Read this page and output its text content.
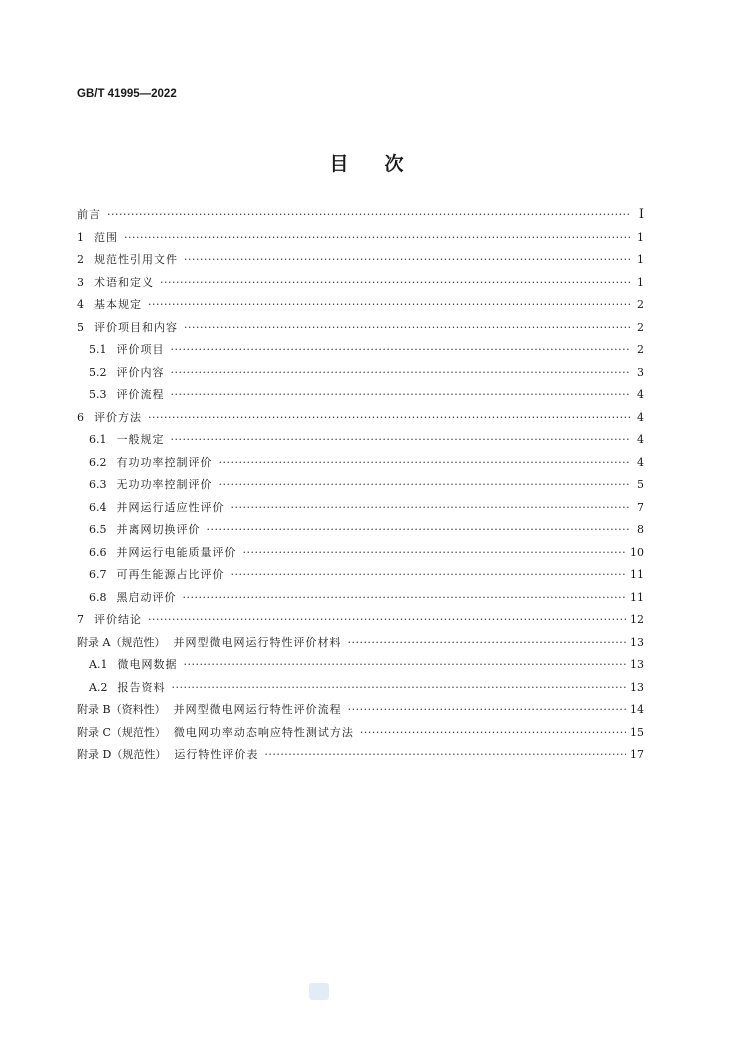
GB/T 41995—2022
目次
前言 ·····	I
1 范围 ·····	1
2 规范性引用文件 ·····	1
3 术语和定义 ·····	1
4 基本规定 ·····	2
5 评价项目和内容 ·····	2
5.1 评价项目 ·····	2
5.2 评价内容 ·····	3
5.3 评价流程 ·····	4
6 评价方法 ·····	4
6.1 一般规定 ·····	4
6.2 有功功率控制评价 ·····	4
6.3 无功功率控制评价 ·····	5
6.4 并网运行适应性评价 ·····	7
6.5 并离网切换评价 ·····	8
6.6 并网运行电能质量评价 ·····	10
6.7 可再生能源占比评价 ·····	11
6.8 黑启动评价 ·····	11
7 评价结论 ·····	12
附录 A（规范性） 并网型微电网运行特性评价材料 ·····	13
A.1 微电网数据 ·····	13
A.2 报告资料 ·····	13
附录 B（资料性） 并网型微电网运行特性评价流程 ·····	14
附录 C（规范性） 微电网功率动态响应特性测试方法 ·····	15
附录 D（规范性） 运行特性评价表 ·····	17
